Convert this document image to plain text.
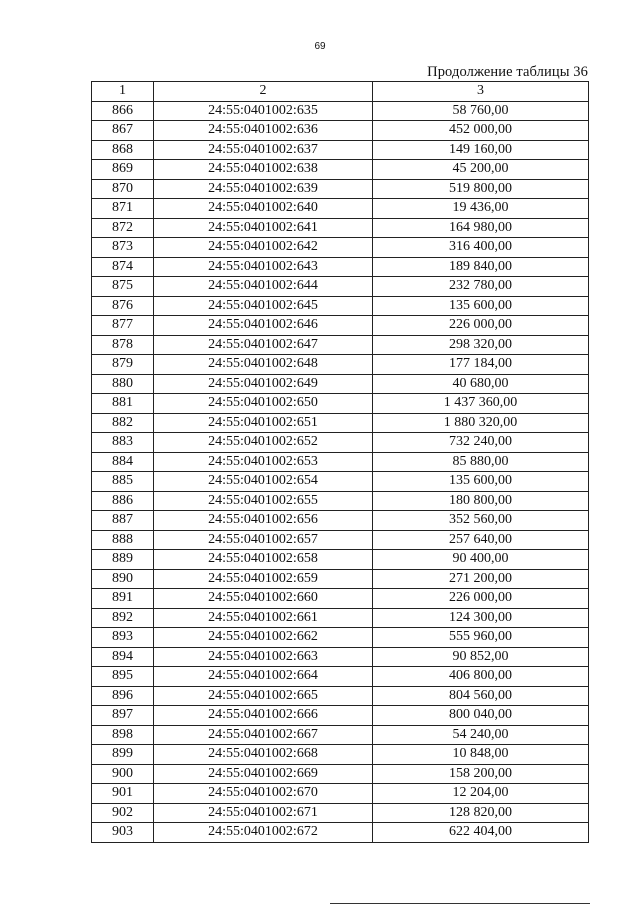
69
Продолжение таблицы 36
1	2	3
866	24:55:0401002:635	58 760,00
867	24:55:0401002:636	452 000,00
868	24:55:0401002:637	149 160,00
869	24:55:0401002:638	45 200,00
870	24:55:0401002:639	519 800,00
871	24:55:0401002:640	19 436,00
872	24:55:0401002:641	164 980,00
873	24:55:0401002:642	316 400,00
874	24:55:0401002:643	189 840,00
875	24:55:0401002:644	232 780,00
876	24:55:0401002:645	135 600,00
877	24:55:0401002:646	226 000,00
878	24:55:0401002:647	298 320,00
879	24:55:0401002:648	177 184,00
880	24:55:0401002:649	40 680,00
881	24:55:0401002:650	1 437 360,00
882	24:55:0401002:651	1 880 320,00
883	24:55:0401002:652	732 240,00
884	24:55:0401002:653	85 880,00
885	24:55:0401002:654	135 600,00
886	24:55:0401002:655	180 800,00
887	24:55:0401002:656	352 560,00
888	24:55:0401002:657	257 640,00
889	24:55:0401002:658	90 400,00
890	24:55:0401002:659	271 200,00
891	24:55:0401002:660	226 000,00
892	24:55:0401002:661	124 300,00
893	24:55:0401002:662	555 960,00
894	24:55:0401002:663	90 852,00
895	24:55:0401002:664	406 800,00
896	24:55:0401002:665	804 560,00
897	24:55:0401002:666	800 040,00
898	24:55:0401002:667	54 240,00
899	24:55:0401002:668	10 848,00
900	24:55:0401002:669	158 200,00
901	24:55:0401002:670	12 204,00
902	24:55:0401002:671	128 820,00
903	24:55:0401002:672	622 404,00
